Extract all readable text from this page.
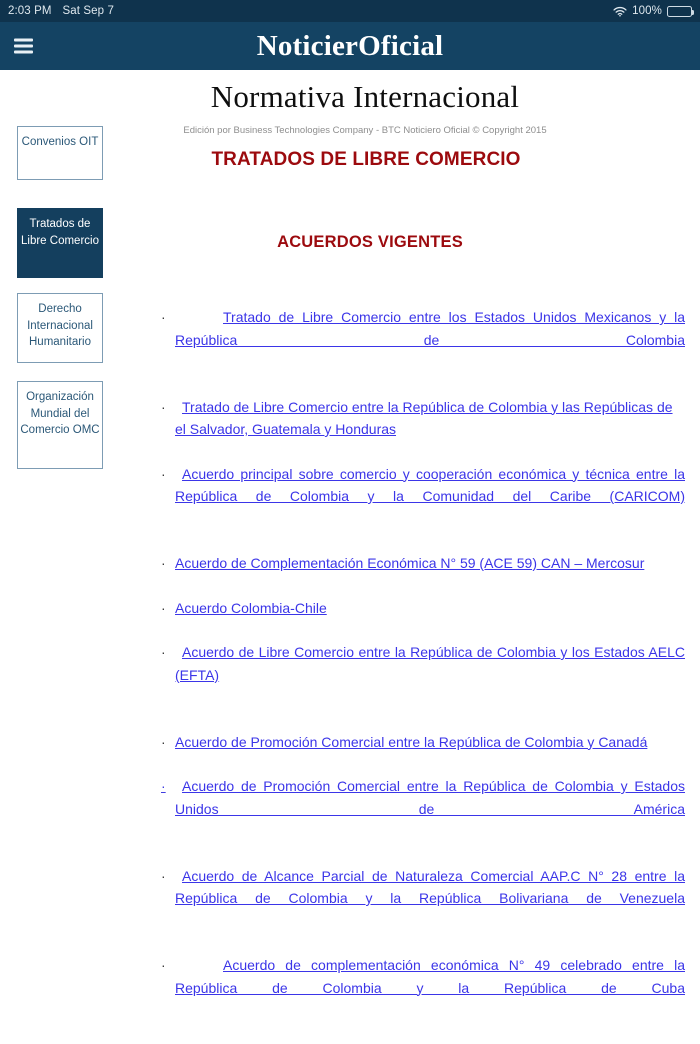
2:03 PM Sat Sep 7	100%
NoticierOficial
Normativa Internacional
Edición por Business Technologies Company - BTC Noticiero Oficial © Copyright 2015
TRATADOS DE LIBRE COMERCIO
ACUERDOS VIGENTES
Convenios OIT
Tratados de Libre Comercio
Derecho Internacional Humanitario
Organización Mundial del Comercio OMC
·	Tratado de Libre Comercio entre los Estados Unidos Mexicanos y la República de Colombia
·	Tratado de Libre Comercio entre la República de Colombia y las Repúblicas de el Salvador, Guatemala y Honduras
·	Acuerdo principal sobre comercio y cooperación económica y técnica entre la República de Colombia y la Comunidad del Caribe (CARICOM)
· Acuerdo de Complementación Económica N° 59 (ACE 59) CAN – Mercosur
· Acuerdo Colombia-Chile
·	Acuerdo de Libre Comercio entre la República de Colombia y los Estados AELC (EFTA)
· Acuerdo de Promoción Comercial entre la República de Colombia y Canadá
·	Acuerdo de Promoción Comercial entre la República de Colombia y Estados Unidos de América
·	Acuerdo de Alcance Parcial de Naturaleza Comercial AAP.C N° 28 entre la República de Colombia y la República Bolivariana de Venezuela
·	Acuerdo de complementación económica N° 49 celebrado entre la República de Colombia y la República de Cuba
